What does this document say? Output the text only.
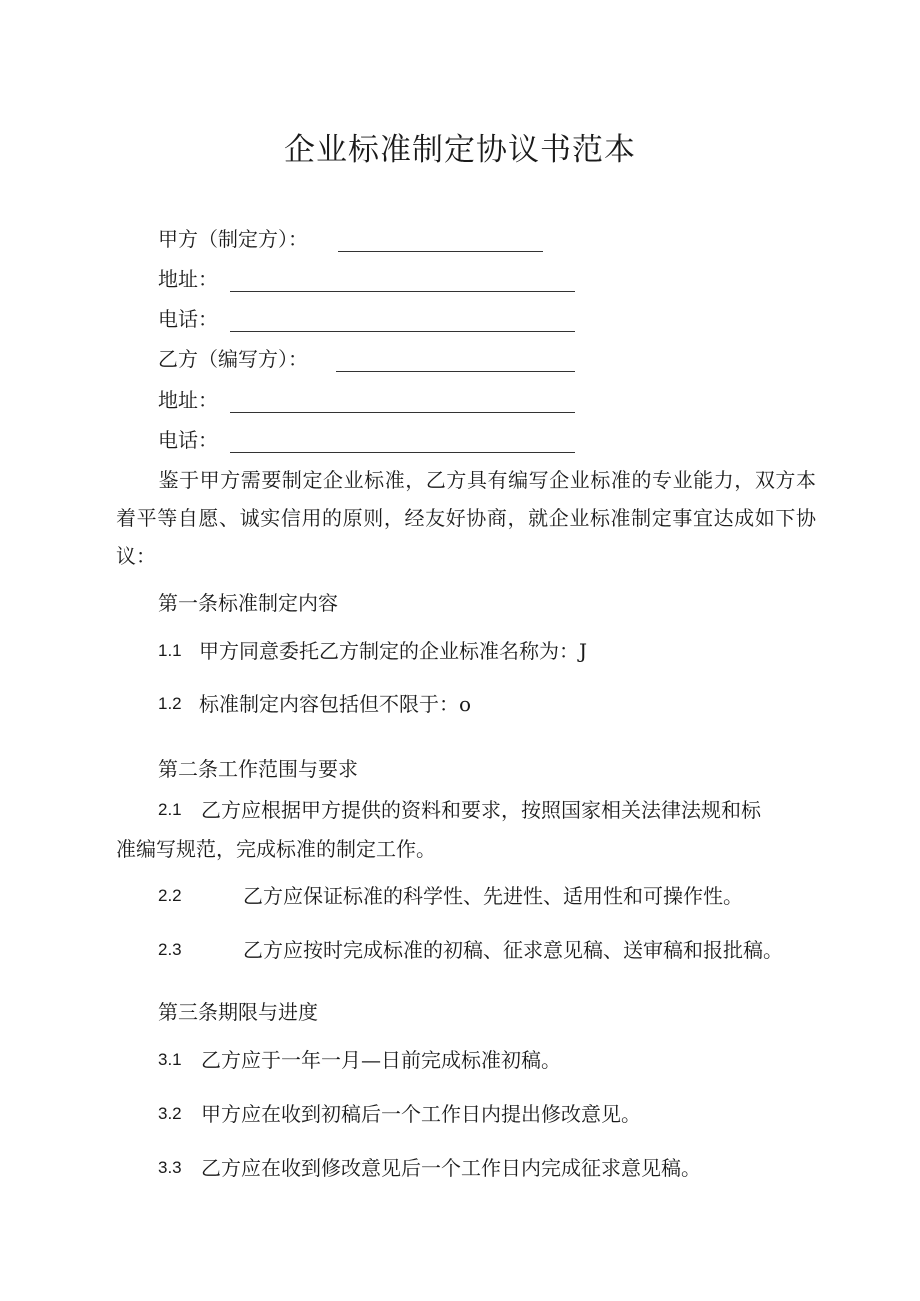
企业标准制定协议书范本
甲方（制定方）：
地址：
电话：
乙方（编写方）：
地址：
电话：
鉴于甲方需要制定企业标准，乙方具有编写企业标准的专业能力，双方本着平等自愿、诚实信用的原则，经友好协商，就企业标准制定事宜达成如下协议：
第一条标准制定内容
1.1 甲方同意委托乙方制定的企业标准名称为：J
1.2 标准制定内容包括但不限于：o
第二条工作范围与要求
2.1 乙方应根据甲方提供的资料和要求，按照国家相关法律法规和标
准编写规范，完成标准的制定工作。
2.2	乙方应保证标准的科学性、先进性、适用性和可操作性。
2.3	乙方应按时完成标准的初稿、征求意见稿、送审稿和报批稿。
第三条期限与进度
3.1 乙方应于一年一月—日前完成标准初稿。
3.2 甲方应在收到初稿后一个工作日内提出修改意见。
3.3 乙方应在收到修改意见后一个工作日内完成征求意见稿。
